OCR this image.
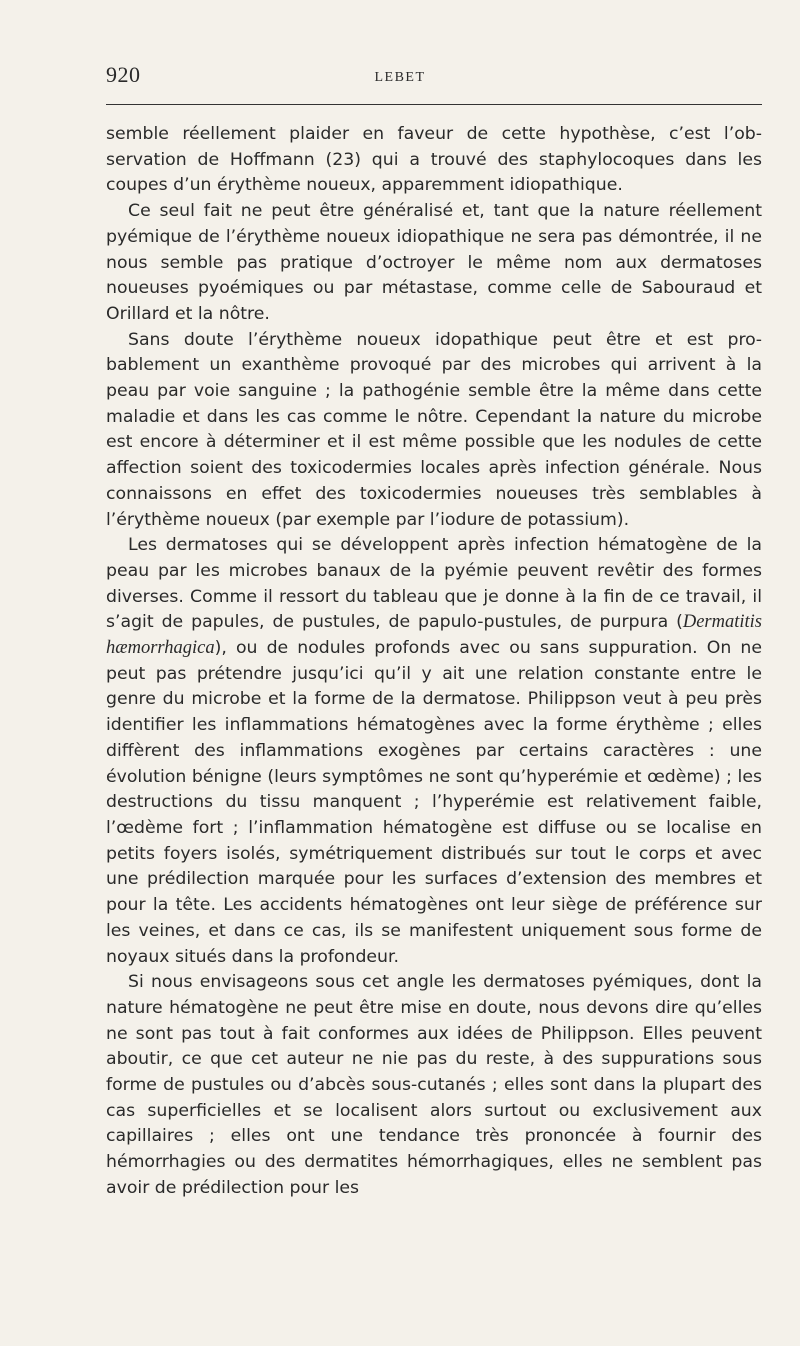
920	LEBET

semble réellement plaider en faveur de cette hypothèse, c’est l’observation de Hoffmann (23) qui a trouvé des staphylocoques dans les coupes d’un érythème noueux, apparemment idiopathique.

Ce seul fait ne peut être généralisé et, tant que la nature réellement pyémique de l’érythème noueux idiopathique ne sera pas démontrée, il ne nous semble pas pratique d’octroyer le même nom aux dermatoses noueuses pyoémiques ou par métastase, comme celle de Sabouraud et Orillard et la nôtre.

Sans doute l’érythème noueux idopathique peut être et est probablement un exanthème provoqué par des microbes qui arrivent à la peau par voie sanguine ; la pathogénie semble être la même dans cette maladie et dans les cas comme le nôtre. Cependant la nature du microbe est encore à déterminer et il est même possible que les nodules de cette affection soient des toxicodermies locales après infection générale. Nous connaissons en effet des toxicodermies noueuses très semblables à l’érythème noueux (par exemple par l’iodure de potassium).

Les dermatoses qui se développent après infection hématogène de la peau par les microbes banaux de la pyémie peuvent revêtir des formes diverses. Comme il ressort du tableau que je donne à la fin de ce travail, il s’agit de papules, de pustules, de papulo-pustules, de purpura (Dermatitis hæmorrhagica), ou de nodules profonds avec ou sans suppuration. On ne peut pas prétendre jusqu’ici qu’il y ait une relation constante entre le genre du microbe et la forme de la dermatose. Philippson veut à peu près identifier les inflammations hématogènes avec la forme érythème ; elles diffèrent des inflammations exogènes par certains caractères : une évolution bénigne (leurs symptômes ne sont qu’hyperémie et œdème) ; les destructions du tissu manquent ; l’hyperémie est relativement faible, l’œdème fort ; l’inflammation hématogène est diffuse ou se localise en petits foyers isolés, symétriquement distribués sur tout le corps et avec une prédilection marquée pour les surfaces d’extension des membres et pour la tête. Les accidents hématogènes ont leur siège de préférence sur les veines, et dans ce cas, ils se manifestent uniquement sous forme de noyaux situés dans la profondeur.

Si nous envisageons sous cet angle les dermatoses pyémiques, dont la nature hématogène ne peut être mise en doute, nous devons dire qu’elles ne sont pas tout à fait conformes aux idées de Philippson. Elles peuvent aboutir, ce que cet auteur ne nie pas du reste, à des suppurations sous forme de pustules ou d’abcès sous-cutanés ; elles sont dans la plupart des cas superficielles et se localisent alors surtout ou exclusivement aux capillaires ; elles ont une tendance très prononcée à fournir des hémorrhagies ou des dermatites hémorrhagiques, elles ne semblent pas avoir de prédilection pour les
